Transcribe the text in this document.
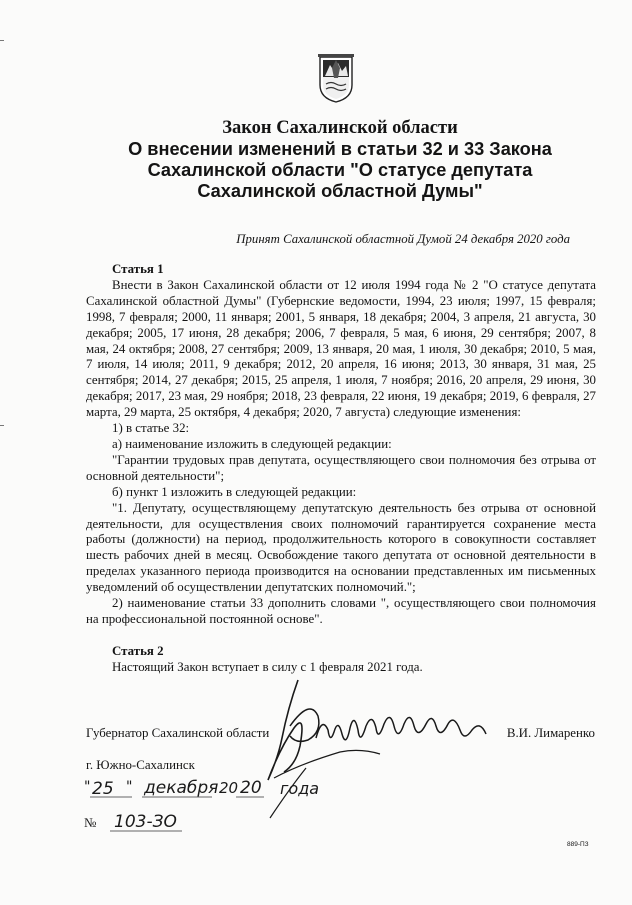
Закон Сахалинской области
О внесении изменений в статьи 32 и 33 Закона
Сахалинской области "О статусе депутата
Сахалинской областной Думы"
Принят Сахалинской областной Думой 24 декабря 2020 года
Статья 1

Внести в Закон Сахалинской области от 12 июля 1994 года № 2 "О статусе депутата Сахалинской областной Думы" (Губернские ведомости, 1994, 23 июля; 1997, 15 февраля; 1998, 7 февраля; 2000, 11 января; 2001, 5 января, 18 декабря; 2004, 3 апреля, 21 августа, 30 декабря; 2005, 17 июня, 28 декабря; 2006, 7 февраля, 5 мая, 6 июня, 29 сентября; 2007, 8 мая, 24 октября; 2008, 27 сентября; 2009, 13 января, 20 мая, 1 июля, 30 декабря; 2010, 5 мая, 7 июля, 14 июля; 2011, 9 декабря; 2012, 20 апреля, 16 июня; 2013, 30 января, 31 мая, 25 сентября; 2014, 27 декабря; 2015, 25 апреля, 1 июля, 7 ноября; 2016, 20 апреля, 29 июня, 30 декабря; 2017, 23 мая, 29 ноября; 2018, 23 февраля, 22 июня, 19 декабря; 2019, 6 февраля, 27 марта, 29 марта, 25 октября, 4 декабря; 2020, 7 августа) следующие изменения:

1) в статье 32:

а) наименование изложить в следующей редакции:

"Гарантии трудовых прав депутата, осуществляющего свои полномочия без отрыва от основной деятельности";

б) пункт 1 изложить в следующей редакции:

"1. Депутату, осуществляющему депутатскую деятельность без отрыва от основной деятельности, для осуществления своих полномочий гарантируется сохранение места работы (должности) на период, продолжительность которого в совокупности составляет шесть рабочих дней в месяц. Освобождение такого депутата от основной деятельности в пределах указанного периода производится на основании представленных им письменных уведомлений об осуществлении депутатских полномочий.";

2) наименование статьи 33 дополнить словами ", осуществляющего свои полномочия на профессиональной постоянной основе".

Статья 2

Настоящий Закон вступает в силу с 1 февраля 2021 года.

Губернатор Сахалинской области	В.И. Лимаренко
г. Южно-Сахалинск
" 25 " декабря 20 20 года
№ 103-ЗО
889-ПЗ
